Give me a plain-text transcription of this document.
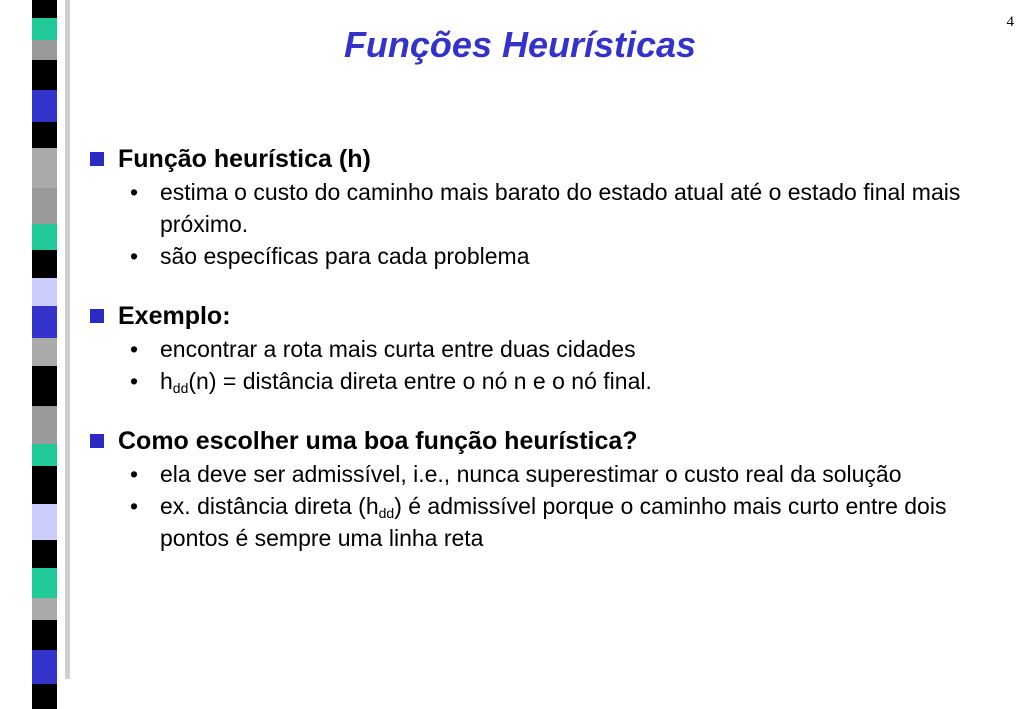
4
Funções Heurísticas
Função heurística (h)
• estima o custo do caminho mais barato do estado atual até o estado final mais próximo.
• são específicas para cada problema
Exemplo:
• encontrar a rota mais curta entre duas cidades
• $h_{dd}(n)$ = distância direta entre o nó n e o nó final.
Como escolher uma boa função heurística?
• ela deve ser admissível, i.e., nunca superestimar o custo real da solução
• ex. distância direta $(h_{dd})$ é admissível porque o caminho mais curto entre dois pontos é sempre uma linha reta
